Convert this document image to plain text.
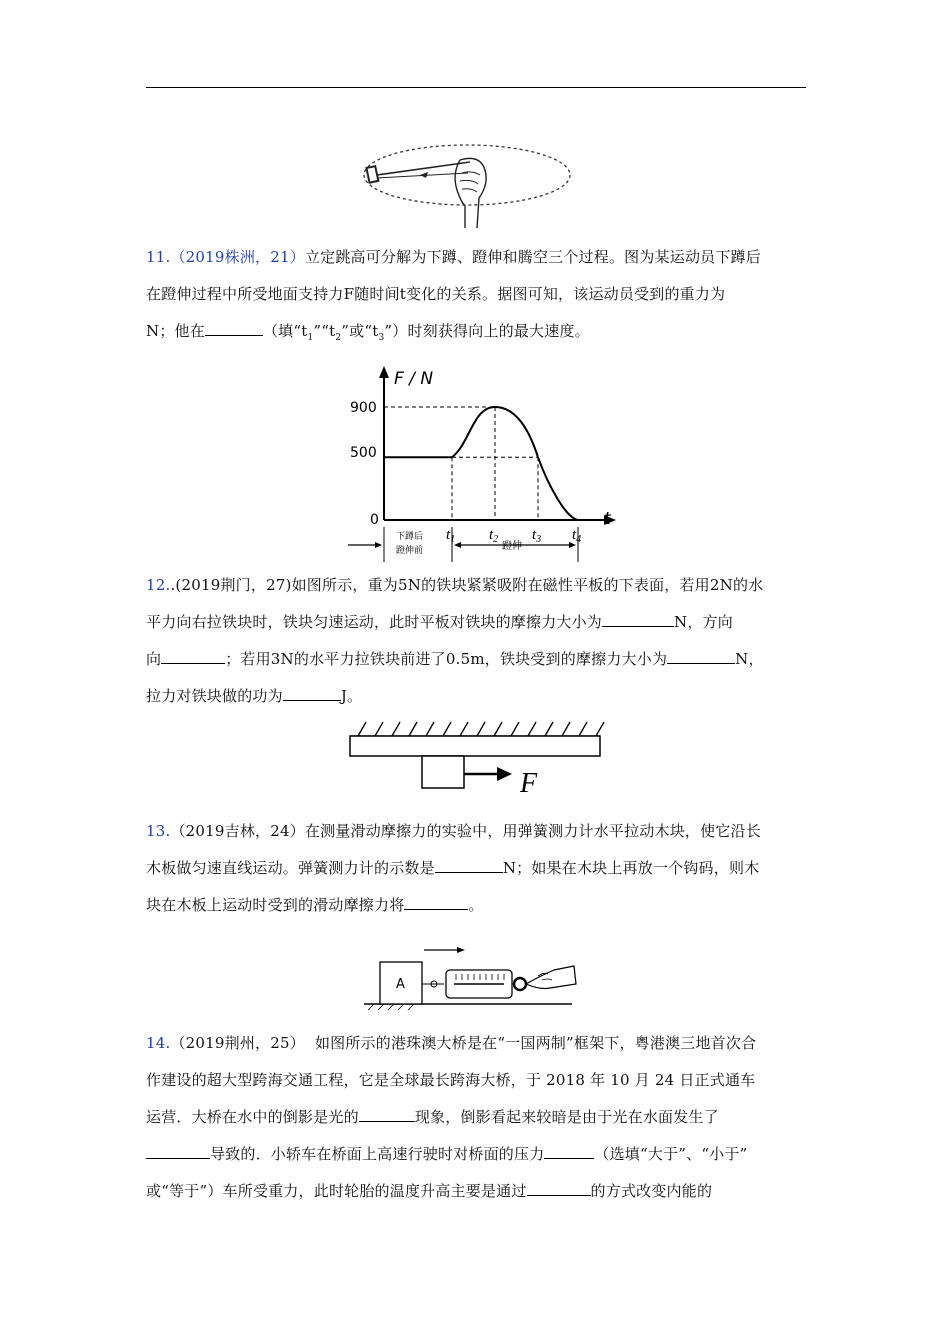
11.（2019株洲，21）立定跳高可分解为下蹲、蹬伸和腾空三个过程。图为某运动员下蹲后
在蹬伸过程中所受地面支持力F随时间t变化的关系。据图可知，该运动员受到的重力为
N；他在	（填“$t_1”“t_2$”或“$t_3$”）时刻获得向上的最大速度。
F / N
t
900
500
0
$t_1$ $t_2$ $t_3$ $t_4$
下蹲后
蹬伸前	蹬伸
12..(2019荆门，27)如图所示，重为5N的铁块紧紧吸附在磁性平板的下表面，若用2N的水
平力向右拉铁块时，铁块匀速运动，此时平板对铁块的摩擦力大小为	N，方向
向	；若用3N的水平力拉铁块前进了0.5m，铁块受到的摩擦力大小为	N，
拉力对铁块做的功为	J。
F
13.（2019吉林，24）在测量滑动摩擦力的实验中，用弹簧测力计水平拉动木块，使它沿长
木板做匀速直线运动。弹簧测力计的示数是	N；如果在木块上再放一个钩码，则木
块在木板上运动时受到的滑动摩擦力将	。
A
14.（2019荆州，25） 如图所示的港珠澳大桥是在“一国两制”框架下，粤港澳三地首次合
作建设的超大型跨海交通工程，它是全球最长跨海大桥，于 2018 年 10 月 24 日正式通车
运营．大桥在水中的倒影是光的	现象，倒影看起来较暗是由于光在水面发生了
导致的．小轿车在桥面上高速行驶时对桥面的压力	（选填“大于”、“小于”
或“等于”）车所受重力，此时轮胎的温度升高主要是通过	的方式改变内能的
